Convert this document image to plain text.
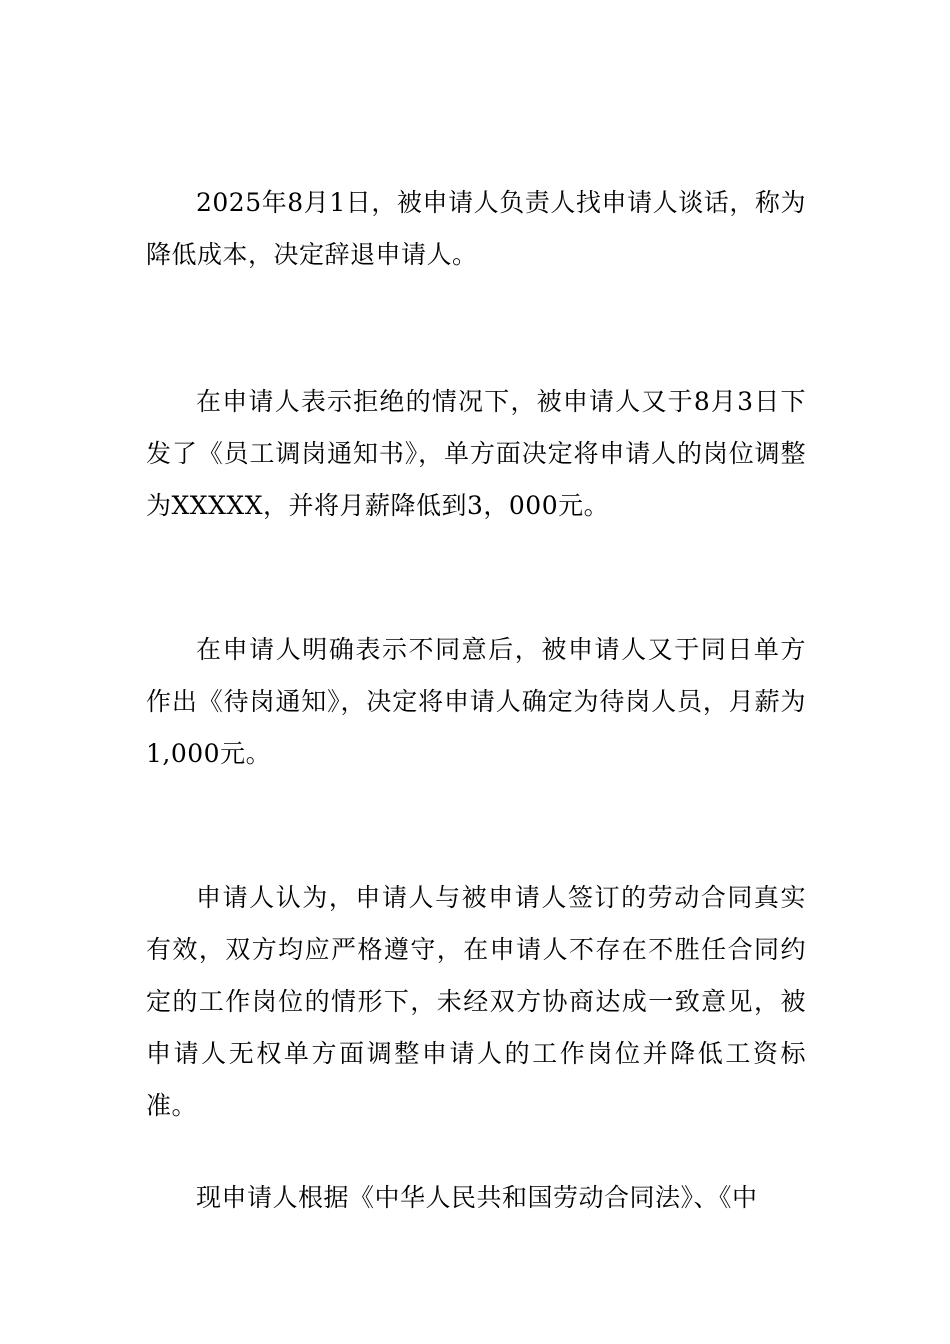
2025年8月1日，被申请人负责人找申请人谈话，称为降低成本，决定辞退申请人。

在申请人表示拒绝的情况下，被申请人又于8月3日下发了《员工调岗通知书》，单方面决定将申请人的岗位调整为XXXXX，并将月薪降低到3，000元。

在申请人明确表示不同意后，被申请人又于同日单方作出《待岗通知》，决定将申请人确定为待岗人员，月薪为1,000元。

申请人认为，申请人与被申请人签订的劳动合同真实有效，双方均应严格遵守，在申请人不存在不胜任合同约定的工作岗位的情形下，未经双方协商达成一致意见，被申请人无权单方面调整申请人的工作岗位并降低工资标准。

现申请人根据《中华人民共和国劳动合同法》、《中
